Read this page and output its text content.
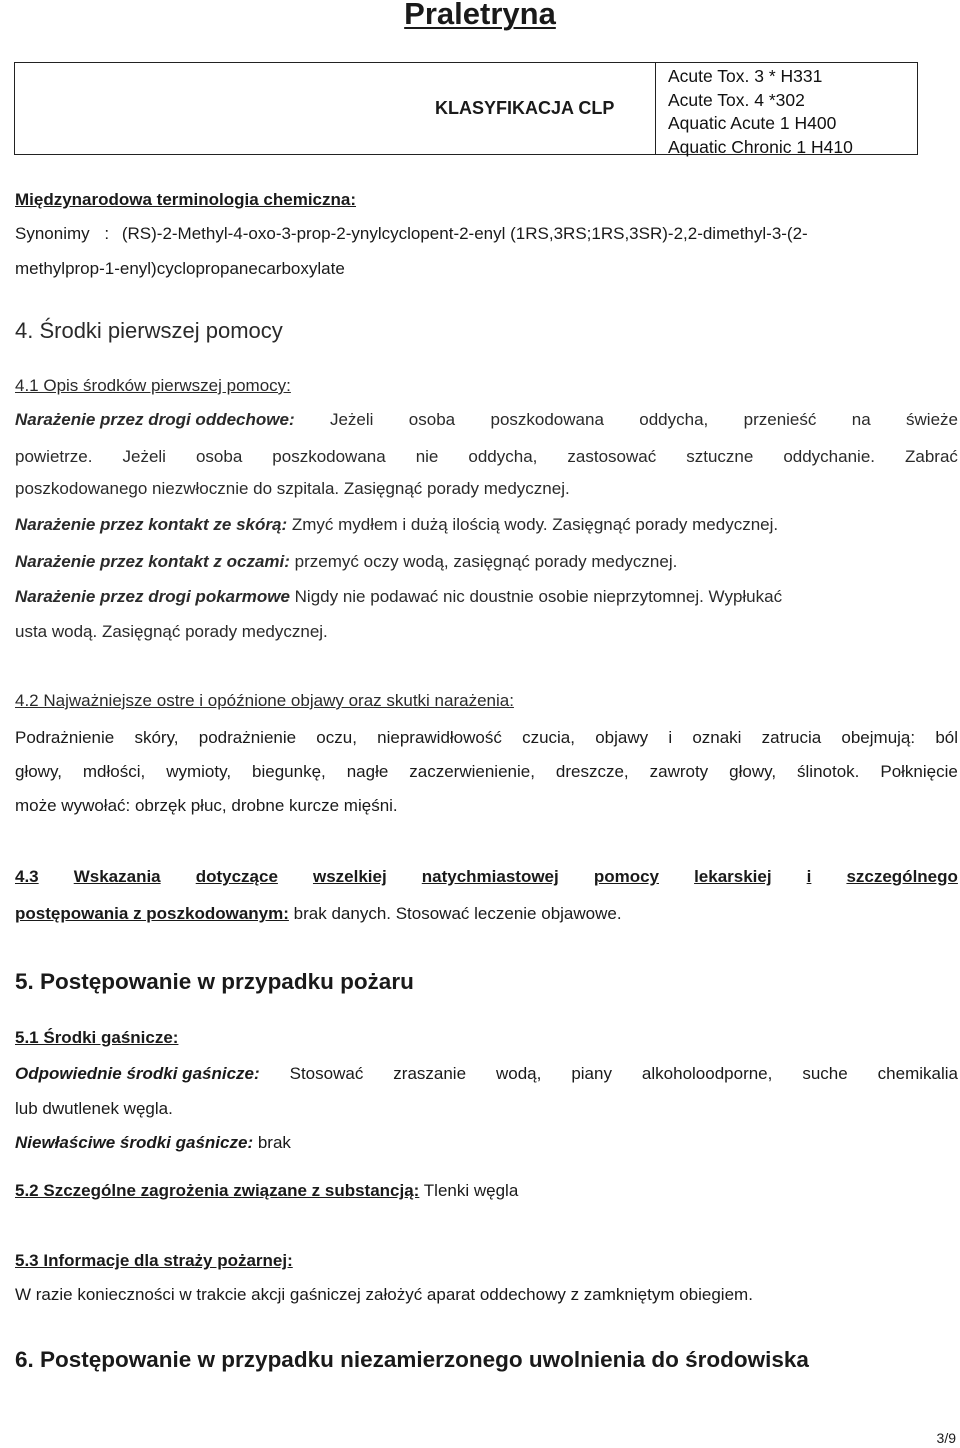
Praletryna
KLASYFIKACJA CLP
Acute Tox. 3 * H331
Acute Tox. 4 *302
Aquatic Acute 1 H400
Aquatic Chronic 1 H410
Międzynarodowa terminologia chemiczna:
Synonimy : (RS)-2-Methyl-4-oxo-3-prop-2-ynylcyclopent-2-enyl (1RS,3RS;1RS,3SR)-2,2-dimethyl-3-(2-
methylprop-1-enyl)cyclopropanecarboxylate
4. Środki pierwszej pomocy
4.1 Opis środków pierwszej pomocy:
Narażenie przez drogi oddechowe: Jeżeli osoba poszkodowana oddycha, przenieść na świeże
powietrze. Jeżeli osoba poszkodowana nie oddycha, zastosować sztuczne oddychanie. Zabrać
poszkodowanego niezwłocznie do szpitala. Zasięgnąć porady medycznej.
Narażenie przez kontakt ze skórą: Zmyć mydłem i dużą ilością wody. Zasięgnąć porady medycznej.
Narażenie przez kontakt z oczami: przemyć oczy wodą, zasięgnąć porady medycznej.
Narażenie przez drogi pokarmowe Nigdy nie podawać nic doustnie osobie nieprzytomnej. Wypłukać
usta wodą. Zasięgnąć porady medycznej.
4.2 Najważniejsze ostre i opóźnione objawy oraz skutki narażenia:
Podrażnienie skóry, podrażnienie oczu, nieprawidłowość czucia, objawy i oznaki zatrucia obejmują: ból
głowy, mdłości, wymioty, biegunkę, nagłe zaczerwienienie, dreszcze, zawroty głowy, ślinotok. Połknięcie
może wywołać: obrzęk płuc, drobne kurcze mięśni.
4.3 Wskazania dotyczące wszelkiej natychmiastowej pomocy lekarskiej i szczególnego
postępowania z poszkodowanym: brak danych. Stosować leczenie objawowe.
5. Postępowanie w przypadku pożaru
5.1 Środki gaśnicze:
Odpowiednie środki gaśnicze: Stosować zraszanie wodą, piany alkoholoodporne, suche chemikalia
lub dwutlenek węgla.
Niewłaściwe środki gaśnicze: brak
5.2 Szczególne zagrożenia związane z substancją: Tlenki węgla
5.3 Informacje dla straży pożarnej:
W razie konieczności w trakcie akcji gaśniczej założyć aparat oddechowy z zamkniętym obiegiem.
6. Postępowanie w przypadku niezamierzonego uwolnienia do środowiska
3/9
